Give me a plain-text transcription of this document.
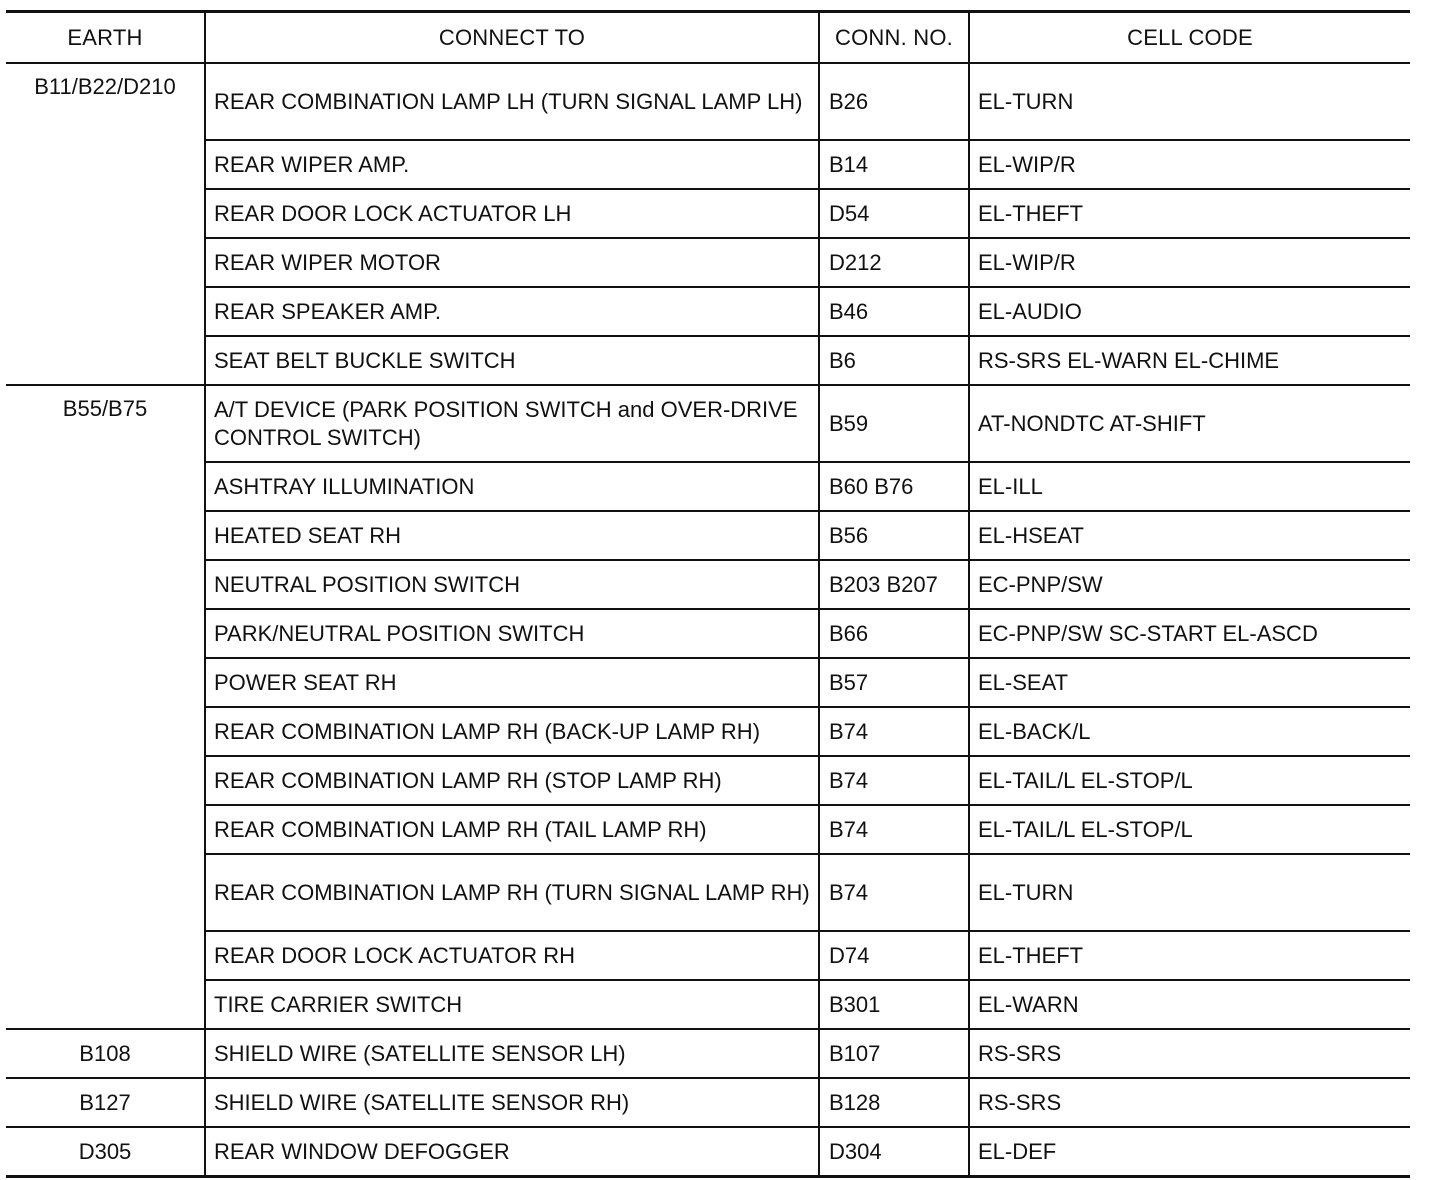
EARTH	CONNECT TO	CONN. NO.	CELL CODE
B11/B22/D210	REAR COMBINATION LAMP LH (TURN SIGNAL LAMP LH)	B26	EL-TURN
	REAR WIPER AMP.	B14	EL-WIP/R
	REAR DOOR LOCK ACTUATOR LH	D54	EL-THEFT
	REAR WIPER MOTOR	D212	EL-WIP/R
	REAR SPEAKER AMP.	B46	EL-AUDIO
	SEAT BELT BUCKLE SWITCH	B6	RS-SRS EL-WARN EL-CHIME
B55/B75	A/T DEVICE (PARK POSITION SWITCH and OVER-DRIVE CONTROL SWITCH)	B59	AT-NONDTC AT-SHIFT
	ASHTRAY ILLUMINATION	B60 B76	EL-ILL
	HEATED SEAT RH	B56	EL-HSEAT
	NEUTRAL POSITION SWITCH	B203 B207	EC-PNP/SW
	PARK/NEUTRAL POSITION SWITCH	B66	EC-PNP/SW SC-START EL-ASCD
	POWER SEAT RH	B57	EL-SEAT
	REAR COMBINATION LAMP RH (BACK-UP LAMP RH)	B74	EL-BACK/L
	REAR COMBINATION LAMP RH (STOP LAMP RH)	B74	EL-TAIL/L EL-STOP/L
	REAR COMBINATION LAMP RH (TAIL LAMP RH)	B74	EL-TAIL/L EL-STOP/L
	REAR COMBINATION LAMP RH (TURN SIGNAL LAMP RH)	B74	EL-TURN
	REAR DOOR LOCK ACTUATOR RH	D74	EL-THEFT
	TIRE CARRIER SWITCH	B301	EL-WARN
B108	SHIELD WIRE (SATELLITE SENSOR LH)	B107	RS-SRS
B127	SHIELD WIRE (SATELLITE SENSOR RH)	B128	RS-SRS
D305	REAR WINDOW DEFOGGER	D304	EL-DEF
